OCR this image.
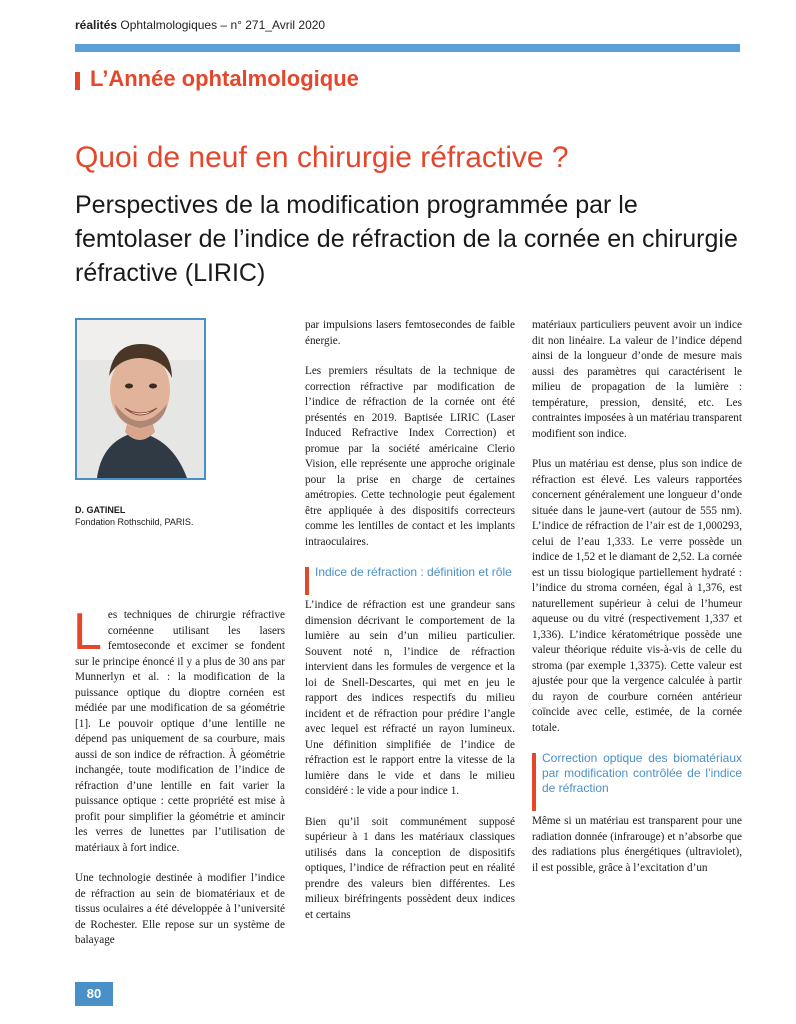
réalités Ophtalmologiques – n° 271_Avril 2020
L’Année ophtalmologique
Quoi de neuf en chirurgie réfractive ?
Perspectives de la modification programmée par le femtolaser de l’indice de réfraction de la cornée en chirurgie réfractive (LIRIC)
D. GATINEL
Fondation Rothschild, PARIS.

Les techniques de chirurgie réfractive cornéenne utilisant les lasers femtoseconde et excimer se fondent sur le principe énoncé il y a plus de 30 ans par Munnerlyn et al. : la modification de la puissance optique du dioptre cornéen est médiée par une modification de sa géométrie [1]. Le pouvoir optique d’une lentille ne dépend pas uniquement de sa courbure, mais aussi de son indice de réfraction. À géométrie inchangée, toute modification de l’indice de réfraction d’une lentille en fait varier la puissance optique : cette propriété est mise à profit pour simplifier la géométrie et amincir les verres de lunettes par l’utilisation de matériaux à fort indice.

Une technologie destinée à modifier l’indice de réfraction au sein de biomatériaux et de tissus oculaires a été développée à l’université de Rochester. Elle repose sur un système de balayage

par impulsions lasers femtosecondes de faible énergie.

Les premiers résultats de la technique de correction réfractive par modification de l’indice de réfraction de la cornée ont été présentés en 2019. Baptisée LIRIC (Laser Induced Refractive Index Correction) et promue par la société américaine Clerio Vision, elle représente une approche originale pour la prise en charge de certaines amétropies. Cette technologie peut également être appliquée à des dispositifs correcteurs comme les lentilles de contact et les implants intraoculaires.

Indice de réfraction : définition et rôle

L’indice de réfraction est une grandeur sans dimension décrivant le comportement de la lumière au sein d’un milieu particulier. Souvent noté n, l’indice de réfraction intervient dans les formules de vergence et la loi de Snell-Descartes, qui met en jeu le rapport des indices respectifs du milieu incident et de réfraction pour prédire l’angle avec lequel est réfracté un rayon lumineux. Une définition simplifiée de l’indice de réfraction est le rapport entre la vitesse de la lumière dans le vide et dans le milieu considéré : le vide a pour indice 1.

Bien qu’il soit communément supposé supérieur à 1 dans les matériaux classiques utilisés dans la conception de dispositifs optiques, l’indice de réfraction peut en réalité prendre des valeurs bien différentes. Les milieux biréfringents possèdent deux indices et certains

matériaux particuliers peuvent avoir un indice dit non linéaire. La valeur de l’indice dépend ainsi de la longueur d’onde de mesure mais aussi des paramètres qui caractérisent le milieu de propagation de la lumière : température, pression, densité, etc. Les contraintes imposées à un matériau transparent modifient son indice.

Plus un matériau est dense, plus son indice de réfraction est élevé. Les valeurs rapportées concernent généralement une longueur d’onde située dans le jaune-vert (autour de 555 nm). L’indice de réfraction de l’air est de 1,000293, celui de l’eau 1,333. Le verre possède un indice de 1,52 et le diamant de 2,52. La cornée est un tissu biologique partiellement hydraté : l’indice du stroma cornéen, égal à 1,376, est naturellement supérieur à celui de l’humeur aqueuse ou du vitré (respectivement 1,337 et 1,336). L’indice kératométrique possède une valeur théorique réduite vis-à-vis de celle du stroma (par exemple 1,3375). Cette valeur est ajustée pour que la vergence calculée à partir du rayon de courbure cornéen antérieur coïncide avec celle, estimée, de la cornée totale.

Correction optique des biomatériaux par modification contrôlée de l’indice de réfraction

Même si un matériau est transparent pour une radiation donnée (infrarouge) et n’absorbe que des radiations plus énergétiques (ultraviolet), il est possible, grâce à l’excitation d’un

80
